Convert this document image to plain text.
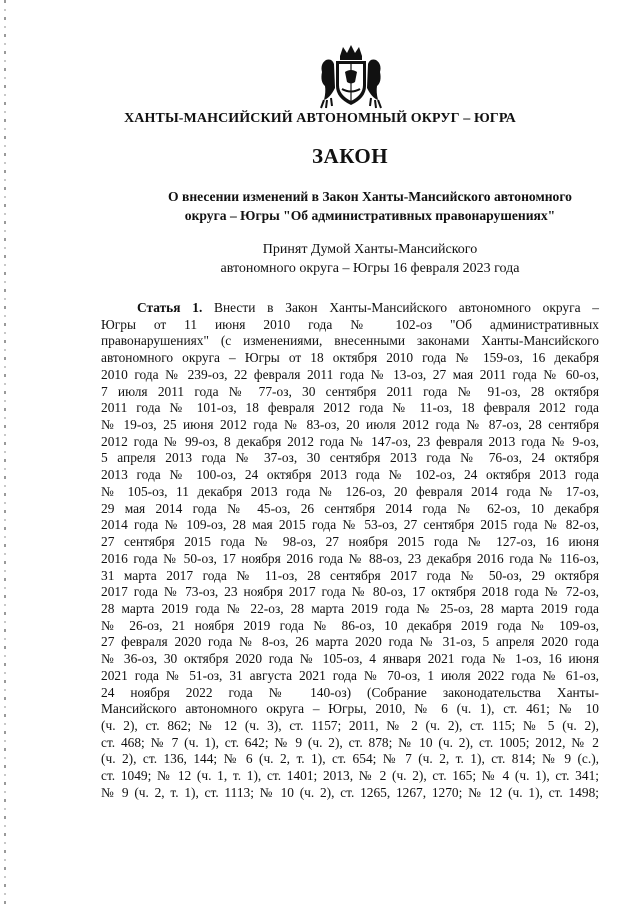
ХАНТЫ-МАНСИЙСКИЙ АВТОНОМНЫЙ ОКРУГ – ЮГРА
ЗАКОН
О внесении изменений в Закон Ханты-Мансийского автономного
округа – Югры "Об административных правонарушениях"
Принят Думой Ханты-Мансийского
автономного округа – Югры 16 февраля 2023 года
Статья 1. Внести в Закон Ханты-Мансийского автономного округа –
Югры от 11 июня 2010 года № 102-оз "Об административных
правонарушениях" (с изменениями, внесенными законами Ханты-Мансийского
автономного округа – Югры от 18 октября 2010 года № 159-оз, 16 декабря
2010 года № 239-оз, 22 февраля 2011 года № 13-оз, 27 мая 2011 года № 60-оз,
7 июля 2011 года № 77-оз, 30 сентября 2011 года № 91-оз, 28 октября
2011 года № 101-оз, 18 февраля 2012 года № 11-оз, 18 февраля 2012 года
№ 19-оз, 25 июня 2012 года № 83-оз, 20 июля 2012 года № 87-оз, 28 сентября
2012 года № 99-оз, 8 декабря 2012 года № 147-оз, 23 февраля 2013 года № 9-оз,
5 апреля 2013 года № 37-оз, 30 сентября 2013 года № 76-оз, 24 октября
2013 года № 100-оз, 24 октября 2013 года № 102-оз, 24 октября 2013 года
№ 105-оз, 11 декабря 2013 года № 126-оз, 20 февраля 2014 года № 17-оз,
29 мая 2014 года № 45-оз, 26 сентября 2014 года № 62-оз, 10 декабря
2014 года № 109-оз, 28 мая 2015 года № 53-оз, 27 сентября 2015 года № 82-оз,
27 сентября 2015 года № 98-оз, 27 ноября 2015 года № 127-оз, 16 июня
2016 года № 50-оз, 17 ноября 2016 года № 88-оз, 23 декабря 2016 года № 116-оз,
31 марта 2017 года № 11-оз, 28 сентября 2017 года № 50-оз, 29 октября
2017 года № 73-оз, 23 ноября 2017 года № 80-оз, 17 октября 2018 года № 72-оз,
28 марта 2019 года № 22-оз, 28 марта 2019 года № 25-оз, 28 марта 2019 года
№ 26-оз, 21 ноября 2019 года № 86-оз, 10 декабря 2019 года № 109-оз,
27 февраля 2020 года № 8-оз, 26 марта 2020 года № 31-оз, 5 апреля 2020 года
№ 36-оз, 30 октября 2020 года № 105-оз, 4 января 2021 года № 1-оз, 16 июня
2021 года № 51-оз, 31 августа 2021 года № 70-оз, 1 июля 2022 года № 61-оз,
24 ноября 2022 года № 140-оз) (Собрание законодательства Ханты-
Мансийского автономного округа – Югры, 2010, № 6 (ч. 1), ст. 461; № 10
(ч. 2), ст. 862; № 12 (ч. 3), ст. 1157; 2011, № 2 (ч. 2), ст. 115; № 5 (ч. 2),
ст. 468; № 7 (ч. 1), ст. 642; № 9 (ч. 2), ст. 878; № 10 (ч. 2), ст. 1005; 2012, № 2
(ч. 2), ст. 136, 144; № 6 (ч. 2, т. 1), ст. 654; № 7 (ч. 2, т. 1), ст. 814; № 9 (с.),
ст. 1049; № 12 (ч. 1, т. 1), ст. 1401; 2013, № 2 (ч. 2), ст. 165; № 4 (ч. 1), ст. 341;
№ 9 (ч. 2, т. 1), ст. 1113; № 10 (ч. 2), ст. 1265, 1267, 1270; № 12 (ч. 1), ст. 1498;
